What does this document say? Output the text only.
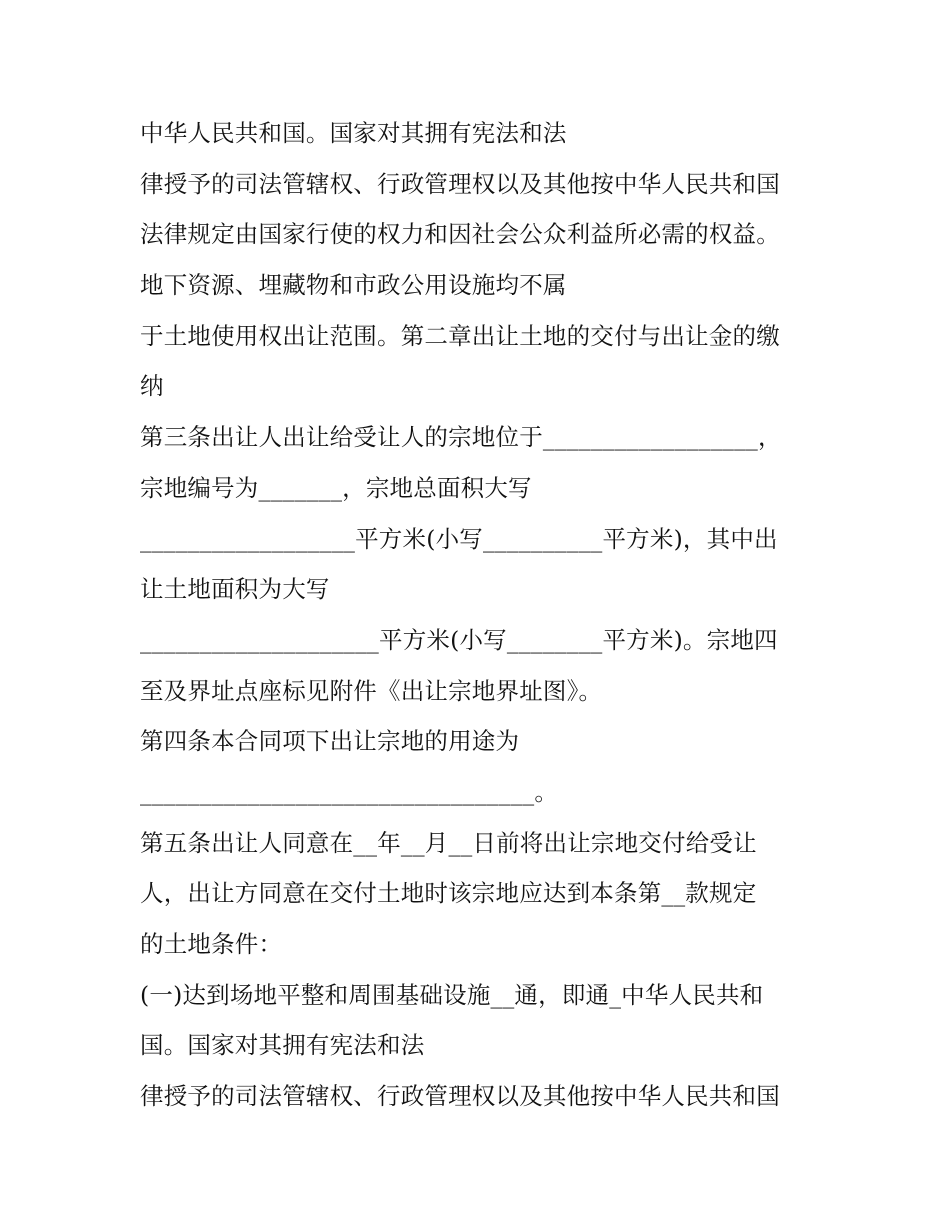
中华人民共和国。国家对其拥有宪法和法
律授予的司法管辖权、行政管理权以及其他按中华人民共和国
法律规定由国家行使的权力和因社会公众利益所必需的权益。
地下资源、埋藏物和市政公用设施均不属
于土地使用权出让范围。第二章出让土地的交付与出让金的缴
纳
第三条出让人出让给受让人的宗地位于__________________，
宗地编号为_______，宗地总面积大写
__________________平方米(小写__________平方米)，其中出
让土地面积为大写
____________________平方米(小写________平方米)。宗地四
至及界址点座标见附件《出让宗地界址图》。
第四条本合同项下出让宗地的用途为
_________________________________。
第五条出让人同意在__年__月__日前将出让宗地交付给受让
人，出让方同意在交付土地时该宗地应达到本条第__款规定
的土地条件：
(一)达到场地平整和周围基础设施__通，即通_中华人民共和
国。国家对其拥有宪法和法
律授予的司法管辖权、行政管理权以及其他按中华人民共和国
